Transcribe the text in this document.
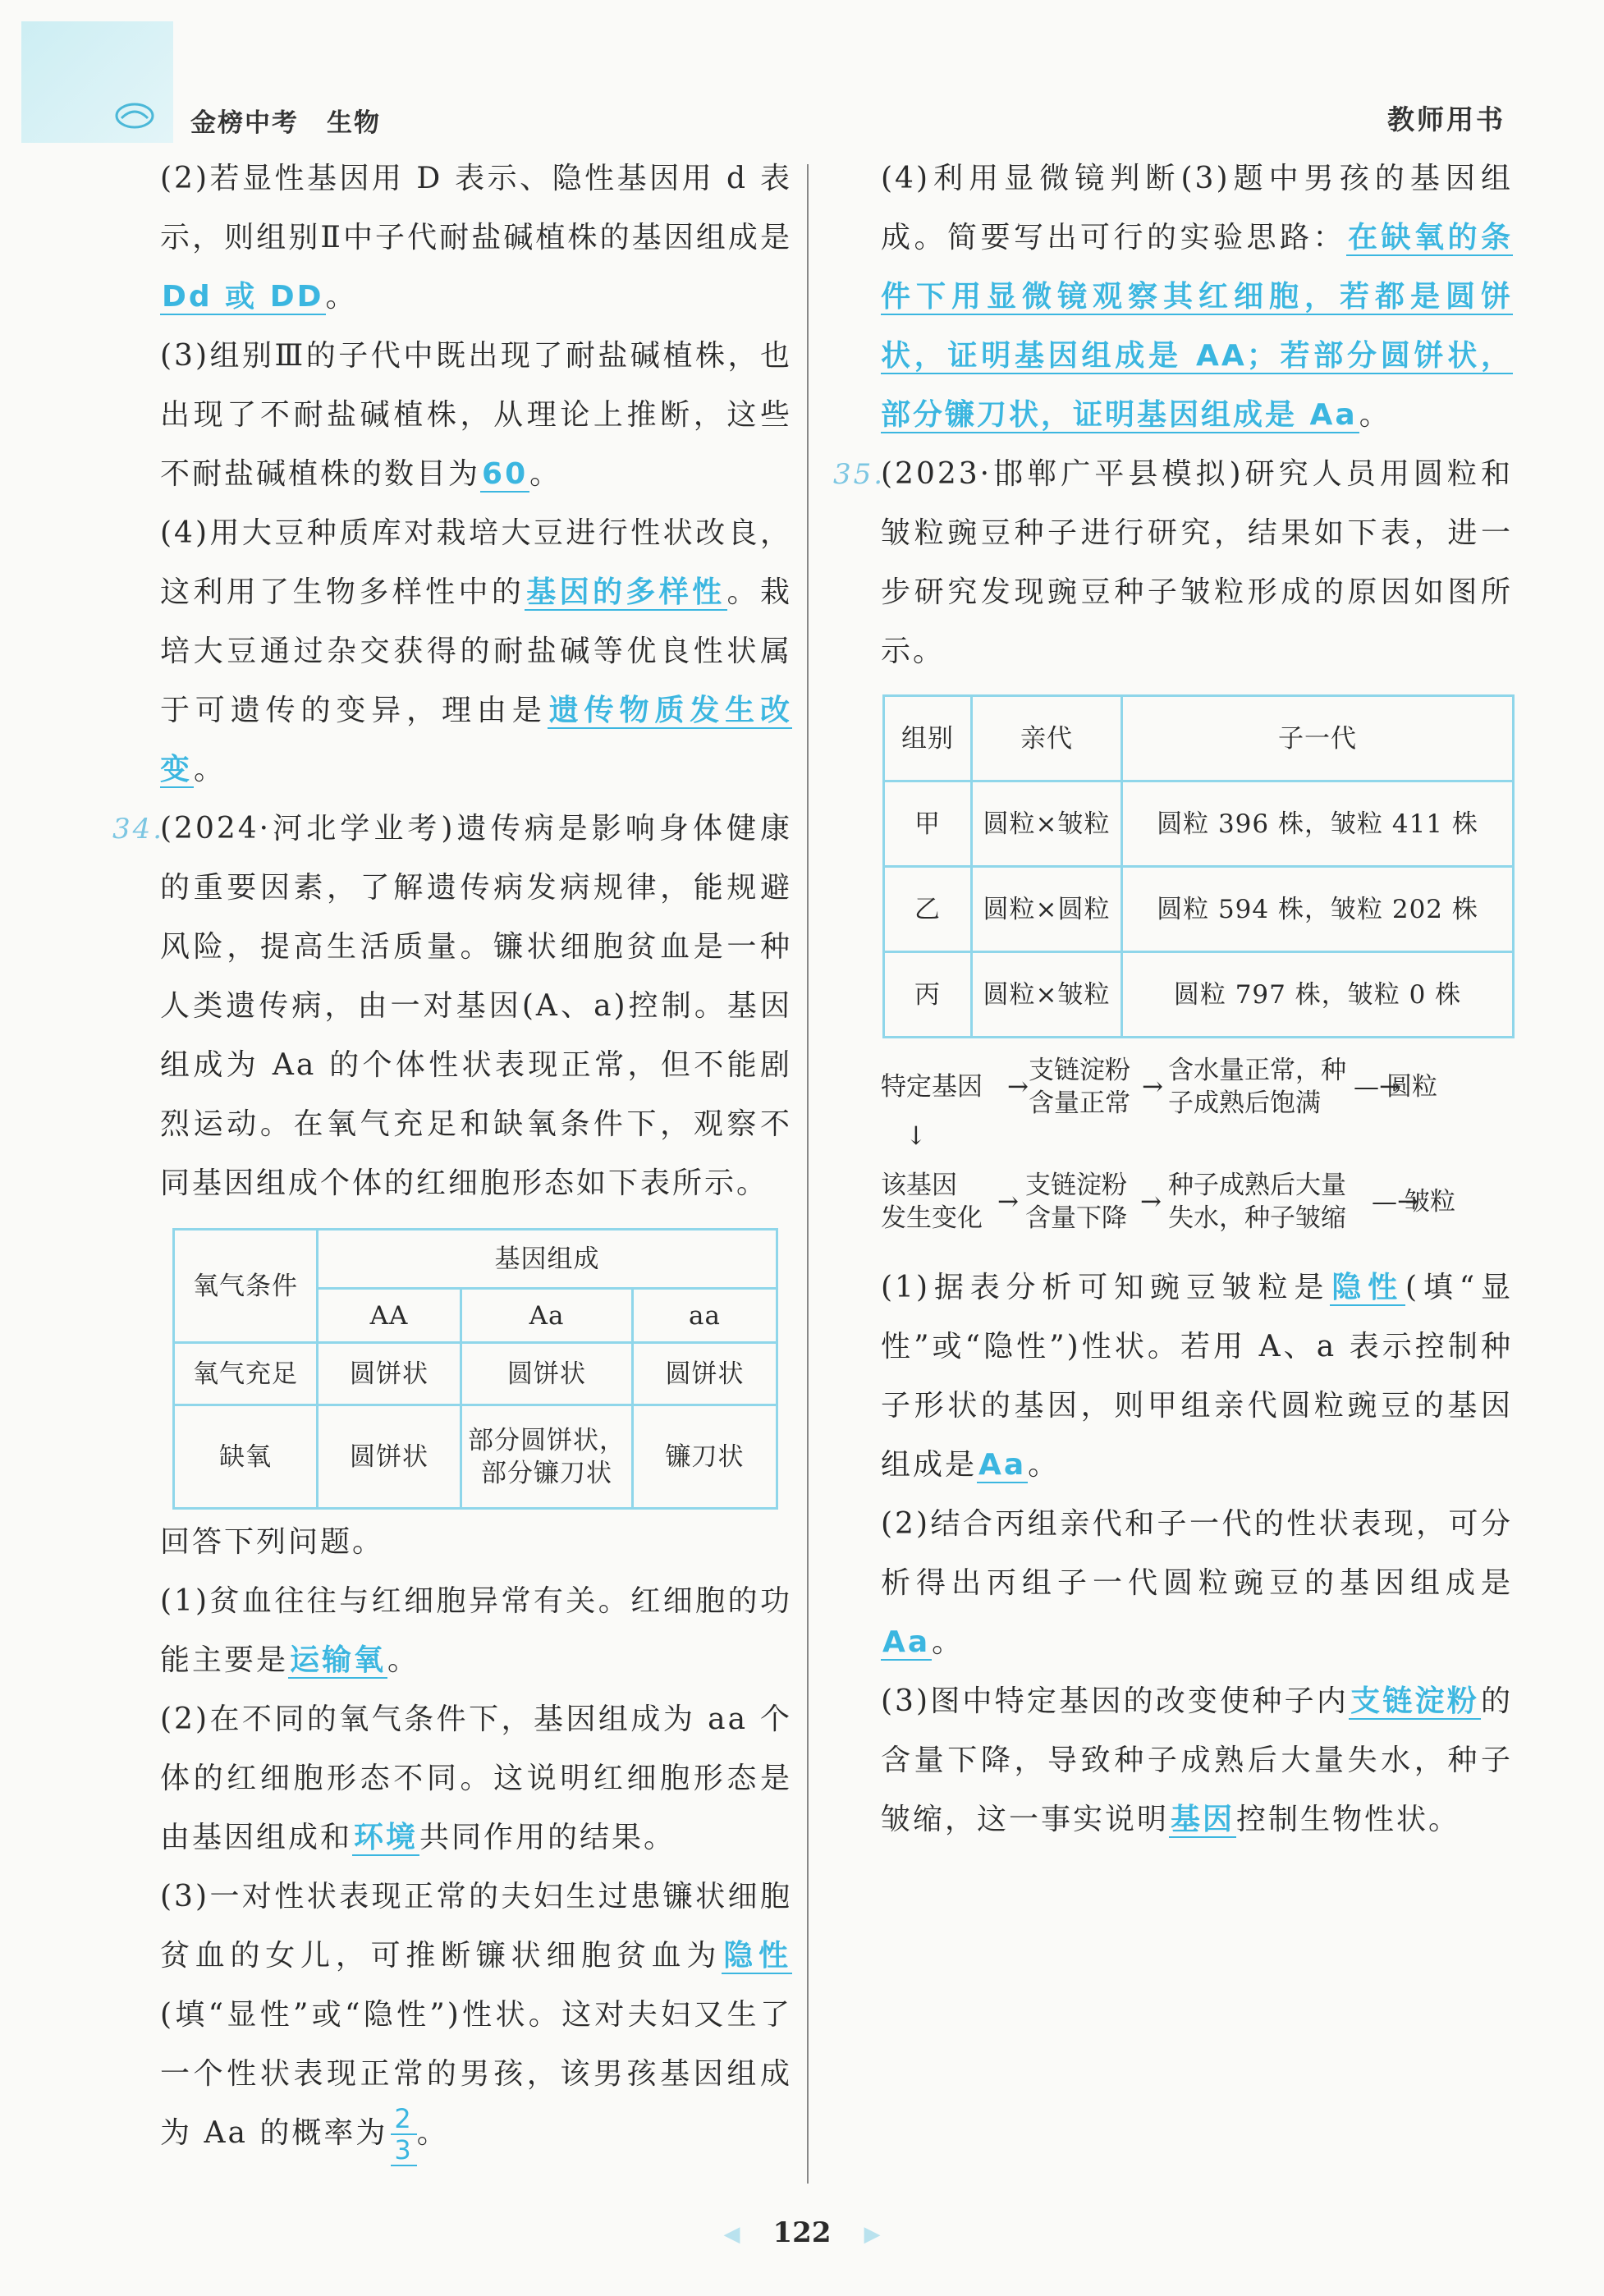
金榜中考 生物	教师用书

(2)若显性基因用 D 表示、隐性基因用 d 表示，则组别Ⅱ中子代耐盐碱植株的基因组成是Dd 或 DD。

(3)组别Ⅲ的子代中既出现了耐盐碱植株，也出现了不耐盐碱植株，从理论上推断，这些不耐盐碱植株的数目为60。

(4)用大豆种质库对栽培大豆进行性状改良，这利用了生物多样性中的基因的多样性。栽培大豆通过杂交获得的耐盐碱等优良性状属于可遗传的变异，理由是遗传物质发生改变。

34.(2024·河北学业考)遗传病是影响身体健康的重要因素，了解遗传病发病规律，能规避风险，提高生活质量。镰状细胞贫血是一种人类遗传病，由一对基因(A、a)控制。基因组成为 Aa 的个体性状表现正常，但不能剧烈运动。在氧气充足和缺氧条件下，观察不同基因组成个体的红细胞形态如下表所示。

氧气条件	基因组成		
	AA	Aa	aa
氧气充足	圆饼状	圆饼状	圆饼状
缺氧	圆饼状	部分圆饼状，部分镰刀状	镰刀状

回答下列问题。

(1)贫血往往与红细胞异常有关。红细胞的功能主要是运输氧。

(2)在不同的氧气条件下，基因组成为 aa 个体的红细胞形态不同。这说明红细胞形态是由基因组成和环境共同作用的结果。

(3)一对性状表现正常的夫妇生过患镰状细胞贫血的女儿，可推断镰状细胞贫血为隐性(填“显性”或“隐性”)性状。这对夫妇又生了一个性状表现正常的男孩，该男孩基因组成为 Aa 的概率为 $\frac{2}{3}$ 。

(4)利用显微镜判断(3)题中男孩的基因组成。简要写出可行的实验思路：在缺氧的条件下用显微镜观察其红细胞，若都是圆饼状，证明基因组成是 AA；若部分圆饼状，部分镰刀状，证明基因组成是 Aa。

35.(2023·邯郸广平县模拟)研究人员用圆粒和皱粒豌豆种子进行研究，结果如下表，进一步研究发现豌豆种子皱粒形成的原因如图所示。

组别	亲代	子一代
甲	圆粒×皱粒	圆粒 396 株，皱粒 411 株
乙	圆粒×圆粒	圆粒 594 株，皱粒 202 株
丙	圆粒×皱粒	圆粒 797 株，皱粒 0 株

(1)据表分析可知豌豆皱粒是隐性(填“显性”或“隐性”)性状。若用 A、a 表示控制种子形状的基因，则甲组亲代圆粒豌豆的基因组成是Aa。

(2)结合丙组亲代和子一代的性状表现，可分析得出丙组子一代圆粒豌豆的基因组成是Aa。

(3)图中特定基因的改变使种子内支链淀粉的含量下降，导致种子成熟后大量失水，种子皱缩，这一事实说明基因控制生物性状。

特定基因 →
支链淀粉
含量正常
→
含水量正常，种
子成熟后饱满
—→
圆粒
↓
该基因
发生变化
→
支链淀粉
含量下降
→
种子成熟后大量
失水，种子皱缩
—→
皱粒
◀ 122 ▶
